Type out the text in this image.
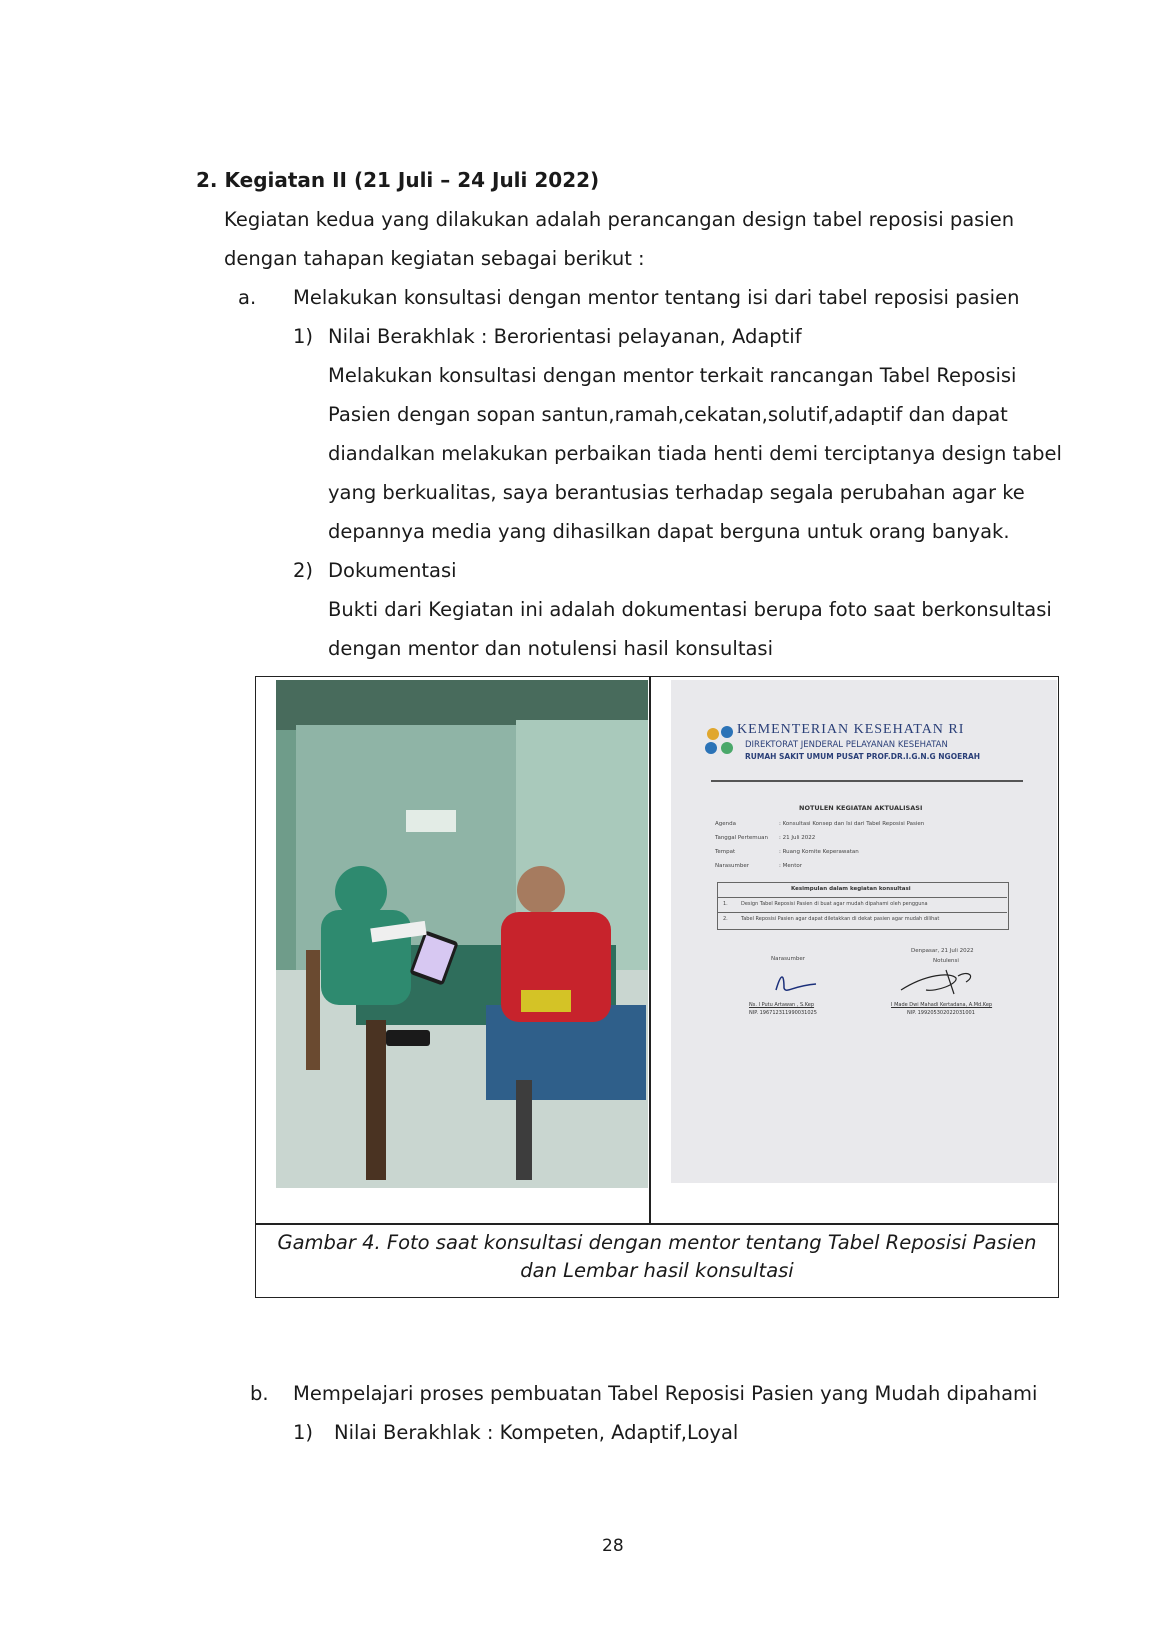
2. Kegiatan II (21 Juli – 24 Juli 2022)
Kegiatan kedua yang dilakukan adalah perancangan design tabel reposisi pasien
dengan tahapan kegiatan sebagai berikut :
a. Melakukan konsultasi dengan mentor tentang isi dari tabel reposisi pasien
1) Nilai Berakhlak : Berorientasi pelayanan, Adaptif
Melakukan konsultasi dengan mentor terkait rancangan Tabel Reposisi
Pasien dengan sopan santun,ramah,cekatan,solutif,adaptif dan dapat
diandalkan melakukan perbaikan tiada henti demi terciptanya design tabel
yang berkualitas, saya berantusias terhadap segala perubahan agar ke
depannya media yang dihasilkan dapat berguna untuk orang banyak.
2) Dokumentasi
Bukti dari Kegiatan ini adalah dokumentasi berupa foto saat berkonsultasi
dengan mentor dan notulensi hasil konsultasi
KEMENTERIAN KESEHATAN RI
DIREKTORAT JENDERAL PELAYANAN KESEHATAN
RUMAH SAKIT UMUM PUSAT PROF.DR.I.G.N.G NGOERAH
NOTULEN KEGIATAN AKTUALISASI
Agenda	: Konsultasi Konsep dan Isi dari Tabel Reposisi Pasien
Tanggal Pertemuan : 21 Juli 2022
Tempat	: Ruang Komite Keperawatan
Narasumber	: Mentor
Kesimpulan dalam kegiatan konsultasi
1.	Design Tabel Reposisi Pasien di buat agar mudah dipahami oleh pengguna
2.	Tabel Reposisi Pasien agar dapat diletakkan di dekat pasien agar mudah dilihat
Denpasar, 21 Juli 2022
Narasumber	Notulensi
Ns. I Putu Artawan , S.Kep
NIP. 196712311990031025
I Made Dwi Mahadi Kertadana, A.Md.Kep
NIP. 199205302022031001
Gambar 4. Foto saat konsultasi dengan mentor tentang Tabel Reposisi Pasien
dan Lembar hasil konsultasi
b. Mempelajari proses pembuatan Tabel Reposisi Pasien yang Mudah dipahami
1) Nilai Berakhlak : Kompeten, Adaptif,Loyal
28
